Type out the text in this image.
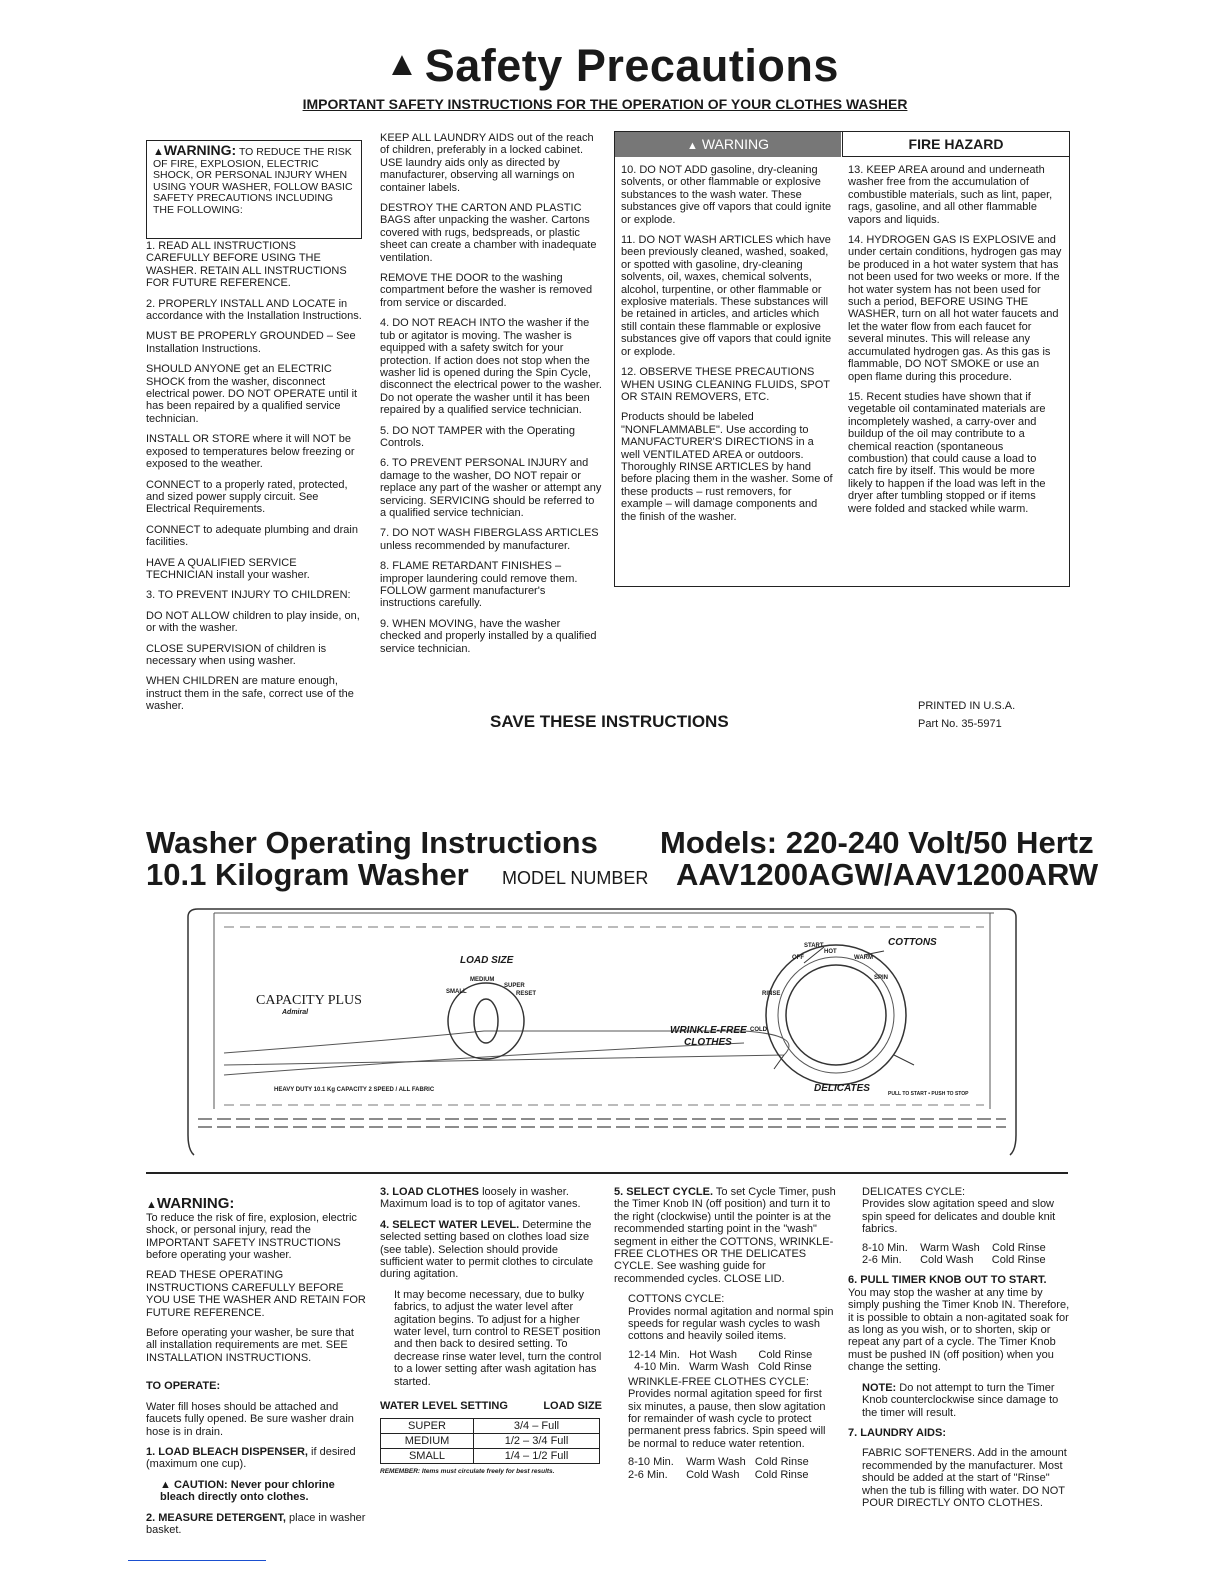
▲ Safety Precautions
IMPORTANT SAFETY INSTRUCTIONS FOR THE OPERATION OF YOUR CLOTHES WASHER
▲ WARNING: TO REDUCE THE RISK OF FIRE, EXPLOSION, ELECTRIC SHOCK, OR PERSONAL INJURY WHEN USING YOUR WASHER, FOLLOW BASIC SAFETY PRECAUTIONS INCLUDING THE FOLLOWING:

1. READ ALL INSTRUCTIONS CAREFULLY BEFORE USING THE WASHER. RETAIN ALL INSTRUCTIONS FOR FUTURE REFERENCE.

2. PROPERLY INSTALL AND LOCATE in accordance with the Installation Instructions.

MUST BE PROPERLY GROUNDED – See Installation Instructions.

SHOULD ANYONE get an ELECTRIC SHOCK from the washer, disconnect electrical power. DO NOT OPERATE until it has been repaired by a qualified service technician.

INSTALL OR STORE where it will NOT be exposed to temperatures below freezing or exposed to the weather.

CONNECT to a properly rated, protected, and sized power supply circuit. See Electrical Requirements.

CONNECT to adequate plumbing and drain facilities.

HAVE A QUALIFIED SERVICE TECHNICIAN install your washer.

3. TO PREVENT INJURY TO CHILDREN:

DO NOT ALLOW children to play inside, on, or with the washer.

CLOSE SUPERVISION of children is necessary when using washer.

WHEN CHILDREN are mature enough, instruct them in the safe, correct use of the washer.

KEEP ALL LAUNDRY AIDS out of the reach of children, preferably in a locked cabinet. USE laundry aids only as directed by manufacturer, observing all warnings on container labels.

DESTROY THE CARTON AND PLASTIC BAGS after unpacking the washer. Cartons covered with rugs, bedspreads, or plastic sheet can create a chamber with inadequate ventilation.

REMOVE THE DOOR to the washing compartment before the washer is removed from service or discarded.

4. DO NOT REACH INTO the washer if the tub or agitator is moving. The washer is equipped with a safety switch for your protection. If action does not stop when the washer lid is opened during the Spin Cycle, disconnect the electrical power to the washer. Do not operate the washer until it has been repaired by a qualified service technician.

5. DO NOT TAMPER with the Operating Controls.

6. TO PREVENT PERSONAL INJURY and damage to the washer, DO NOT repair or replace any part of the washer or attempt any servicing. SERVICING should be referred to a qualified service technician.

7. DO NOT WASH FIBERGLASS ARTICLES unless recommended by manufacturer.

8. FLAME RETARDANT FINISHES – improper laundering could remove them. FOLLOW garment manufacturer's instructions carefully.

9. WHEN MOVING, have the washer checked and properly installed by a qualified service technician.

▲ WARNING	FIRE HAZARD

10. DO NOT ADD gasoline, dry-cleaning solvents, or other flammable or explosive substances to the wash water. These substances give off vapors that could ignite or explode.

11. DO NOT WASH ARTICLES which have been previously cleaned, washed, soaked, or spotted with gasoline, dry-cleaning solvents, oil, waxes, chemical solvents, alcohol, turpentine, or other flammable or explosive materials. These substances will be retained in articles, and articles which still contain these flammable or explosive substances give off vapors that could ignite or explode.

12. OBSERVE THESE PRECAUTIONS WHEN USING CLEANING FLUIDS, SPOT OR STAIN REMOVERS, ETC.

Products should be labeled "NONFLAMMABLE". Use according to MANUFACTURER'S DIRECTIONS in a well VENTILATED AREA or outdoors. Thoroughly RINSE ARTICLES by hand before placing them in the washer. Some of these products – rust removers, for example – will damage components and the finish of the washer.

13. KEEP AREA around and underneath washer free from the accumulation of combustible materials, such as lint, paper, rags, gasoline, and all other flammable vapors and liquids.

14. HYDROGEN GAS IS EXPLOSIVE and under certain conditions, hydrogen gas may be produced in a hot water system that has not been used for two weeks or more. If the hot water system has not been used for such a period, BEFORE USING THE WASHER, turn on all hot water faucets and let the water flow from each faucet for several minutes. This will release any accumulated hydrogen gas. As this gas is flammable, DO NOT SMOKE or use an open flame during this procedure.

15. Recent studies have shown that if vegetable oil contaminated materials are incompletely washed, a carry-over and buildup of the oil may contribute to a chemical reaction (spontaneous combustion) that could cause a load to catch fire by itself. This would be more likely to happen if the load was left in the dryer after tumbling stopped or if items were folded and stacked while warm.

SAVE THESE INSTRUCTIONS
PRINTED IN U.S.A.
Part No. 35-5971
Washer Operating Instructions
10.1 Kilogram Washer
Models: 220-240 Volt/50 Hertz
MODEL NUMBER AAV1200AGW/AAV1200ARW
LOAD SIZE
MEDIUM
SUPER
SMALL	RESET
CAPACITY PLUS
Admiral
HEAVY DUTY 10.1 Kg CAPACITY 2 SPEED / ALL FABRIC
COTTONS
WRINKLE-FREE
CLOTHES
DELICATES	PULL TO START • PUSH TO STOP
START
HOT
OFF	WARM
SPIN
RINSE
COLD

▲ WARNING:
To reduce the risk of fire, explosion, electric shock, or personal injury, read the IMPORTANT SAFETY INSTRUCTIONS before operating your washer.

READ THESE OPERATING INSTRUCTIONS CAREFULLY BEFORE YOU USE THE WASHER AND RETAIN FOR FUTURE REFERENCE.

Before operating your washer, be sure that all installation requirements are met. SEE INSTALLATION INSTRUCTIONS.

TO OPERATE:

Water fill hoses should be attached and faucets fully opened. Be sure washer drain hose is in drain.

1. LOAD BLEACH DISPENSER, if desired (maximum one cup).

▲ CAUTION: Never pour chlorine bleach directly onto clothes.

2. MEASURE DETERGENT, place in washer basket.

3. LOAD CLOTHES loosely in washer. Maximum load is to top of agitator vanes.

4. SELECT WATER LEVEL. Determine the selected setting based on clothes load size (see table). Selection should provide sufficient water to permit clothes to circulate during agitation.

It may become necessary, due to bulky fabrics, to adjust the water level after agitation begins. To adjust for a higher water level, turn control to RESET position and then back to desired setting. To decrease rinse water level, turn the control to a lower setting after wash agitation has started.

WATER LEVEL SETTING	LOAD SIZE
SUPER	3/4 – Full
MEDIUM	1/2 – 3/4 Full
SMALL	1/4 – 1/2 Full
REMEMBER: Items must circulate freely for best results.

5. SELECT CYCLE. To set Cycle Timer, push the Timer Knob IN (off position) and turn it to the right (clockwise) until the pointer is at the recommended starting point in the "wash" segment in either the COTTONS, WRINKLE-FREE CLOTHES OR THE DELICATES CYCLE. See washing guide for recommended cycles. CLOSE LID.

COTTONS CYCLE:
Provides normal agitation and normal spin speeds for regular wash cycles to wash cottons and heavily soiled items.

12-14 Min.   Hot Wash       Cold Rinse
4-10 Min.   Warm Wash   Cold Rinse

WRINKLE-FREE CLOTHES CYCLE:
Provides normal agitation speed for first six minutes, a pause, then slow agitation for remainder of wash cycle to protect permanent press fabrics. Spin speed will be normal to reduce water retention.

8-10 Min.    Warm Wash   Cold Rinse
2-6 Min.      Cold Wash     Cold Rinse

DELICATES CYCLE:
Provides slow agitation speed and slow spin speed for delicates and double knit fabrics.

8-10 Min.    Warm Wash    Cold Rinse
2-6 Min.      Cold Wash      Cold Rinse

6. PULL TIMER KNOB OUT TO START.
You may stop the washer at any time by simply pushing the Timer Knob IN. Therefore, it is possible to obtain a non-agitated soak for as long as you wish, or to shorten, skip or repeat any part of a cycle. The Timer Knob must be pushed IN (off position) when you change the setting.

NOTE: Do not attempt to turn the Timer Knob counterclockwise since damage to the timer will result.

7. LAUNDRY AIDS:

FABRIC SOFTENERS. Add in the amount recommended by the manufacturer. Most should be added at the start of "Rinse" when the tub is filling with water. DO NOT POUR DIRECTLY ONTO CLOTHES.
